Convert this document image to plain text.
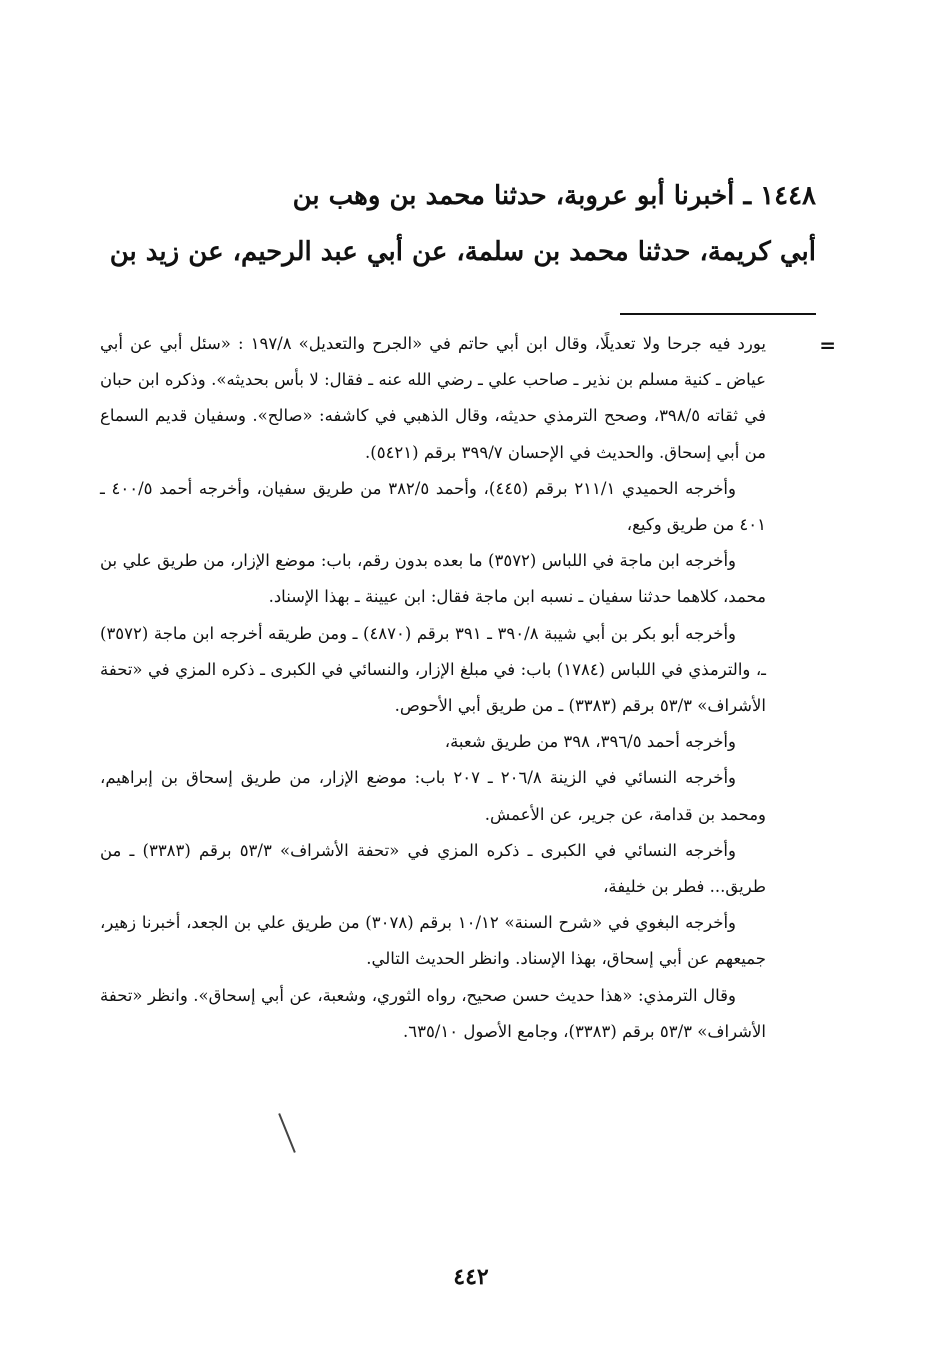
١٤٤٨ ـ أخبرنا أبو عروبة، حدثنا محمد بن وهب بن

أبي كريمة، حدثنا محمد بن سلمة، عن أبي عبد الرحيم، عن زيد بن

=

يورد فيه جرحا ولا تعديلًا، وقال ابن أبي حاتم في «الجرح والتعديل» ١٩٧/٨ : «سئل أبي عن أبي عياض ـ كنية مسلم بن نذير ـ صاحب علي ـ رضي الله عنه ـ فقال: لا بأس بحديثه». وذكره ابن حبان في ثقاته ٣٩٨/٥، وصحح الترمذي حديثه، وقال الذهبي في كاشفه: «صالح». وسفيان قديم السماع من أبي إسحاق. والحديث في الإحسان ٣٩٩/٧ برقم (٥٤٢١).

وأخرجه الحميدي ٢١١/١ برقم (٤٤٥)، وأحمد ٣٨٢/٥ من طريق سفيان، وأخرجه أحمد ٤٠٠/٥ ـ ٤٠١ من طريق وكيع،

وأخرجه ابن ماجة في اللباس (٣٥٧٢) ما بعده بدون رقم، باب: موضع الإزار، من طريق علي بن محمد، كلاهما حدثنا سفيان ـ نسبه ابن ماجة فقال: ابن عيينة ـ بهذا الإسناد.

وأخرجه أبو بكر بن أبي شيبة ٣٩٠/٨ ـ ٣٩١ برقم (٤٨٧٠) ـ ومن طريقه أخرجه ابن ماجة (٣٥٧٢) ـ، والترمذي في اللباس (١٧٨٤) باب: في مبلغ الإزار، والنسائي في الكبرى ـ ذكره المزي في «تحفة الأشراف» ٥٣/٣ برقم (٣٣٨٣) ـ من طريق أبي الأحوص.

وأخرجه أحمد ٣٩٦/٥، ٣٩٨ من طريق شعبة،

وأخرجه النسائي في الزينة ٢٠٦/٨ ـ ٢٠٧ باب: موضع الإزار، من طريق إسحاق بن إبراهيم، ومحمد بن قدامة، عن جرير، عن الأعمش.

وأخرجه النسائي في الكبرى ـ ذكره المزي في «تحفة الأشراف» ٥٣/٣ برقم (٣٣٨٣) ـ من طريق... فطر بن خليفة،

وأخرجه البغوي في «شرح السنة» ١٠/١٢ برقم (٣٠٧٨) من طريق علي بن الجعد، أخبرنا زهير، جميعهم عن أبي إسحاق، بهذا الإسناد. وانظر الحديث التالي.

وقال الترمذي: «هذا حديث حسن صحيح، رواه الثوري، وشعبة، عن أبي إسحاق». وانظر «تحفة الأشراف» ٥٣/٣ برقم (٣٣٨٣)، وجامع الأصول ٦٣٥/١٠.

٤٤٢
